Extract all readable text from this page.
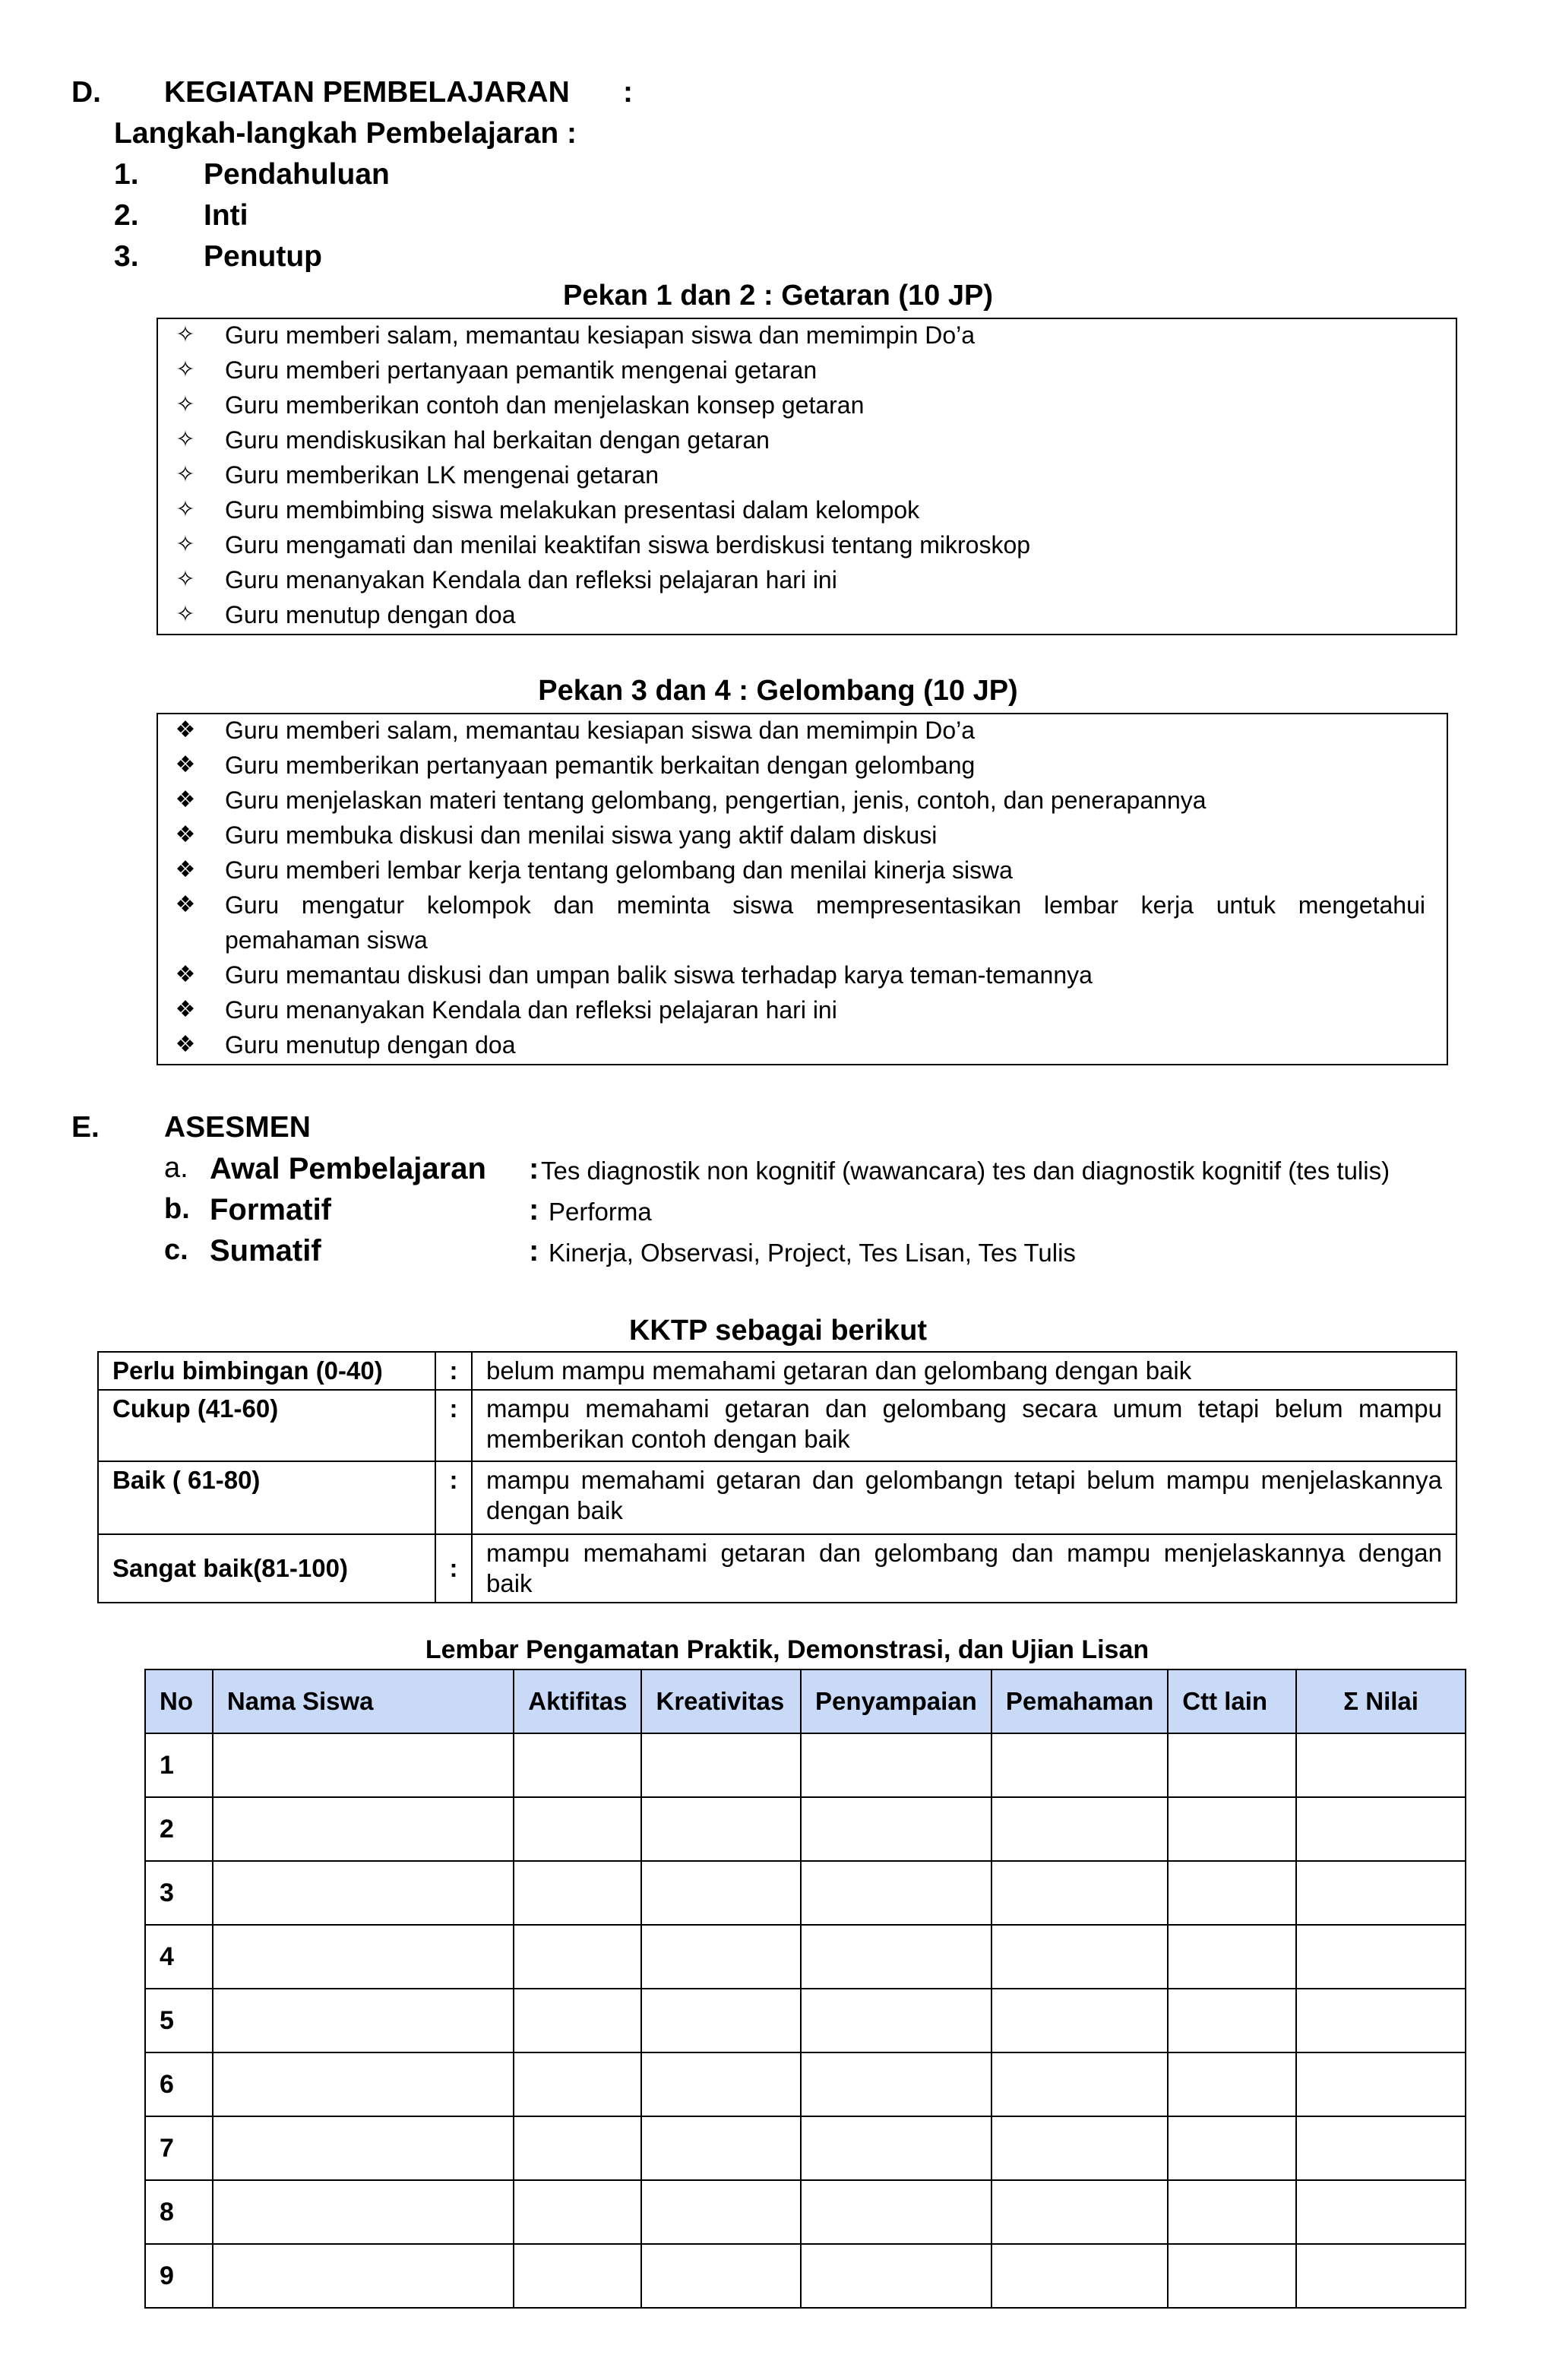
D. KEGIATAN PEMBELAJARAN :
Langkah-langkah Pembelajaran :
1. Pendahuluan
2. Inti
3. Penutup
Pekan 1 dan 2 : Getaran (10 JP)
✧ Guru memberi salam, memantau kesiapan siswa dan memimpin Do’a
✧ Guru memberi pertanyaan pemantik mengenai getaran
✧ Guru memberikan contoh dan menjelaskan konsep getaran
✧ Guru mendiskusikan hal berkaitan dengan getaran
✧ Guru memberikan LK mengenai getaran
✧ Guru membimbing siswa melakukan presentasi dalam kelompok
✧ Guru mengamati dan menilai keaktifan siswa berdiskusi tentang mikroskop
✧ Guru menanyakan Kendala dan refleksi pelajaran hari ini
✧ Guru menutup dengan doa
Pekan 3 dan 4 : Gelombang (10 JP)
❖ Guru memberi salam, memantau kesiapan siswa dan memimpin Do’a
❖ Guru memberikan pertanyaan pemantik berkaitan dengan gelombang
❖ Guru menjelaskan materi tentang gelombang, pengertian, jenis, contoh, dan penerapannya
❖ Guru membuka diskusi dan menilai siswa yang aktif dalam diskusi
❖ Guru memberi lembar kerja tentang gelombang dan menilai kinerja siswa
❖ Guru mengatur kelompok dan meminta siswa mempresentasikan lembar kerja untuk mengetahui
pemahaman siswa
❖ Guru memantau diskusi dan umpan balik siswa terhadap karya teman-temannya
❖ Guru menanyakan Kendala dan refleksi pelajaran hari ini
❖ Guru menutup dengan doa
E. ASESMEN
a. Awal Pembelajaran : Tes diagnostik non kognitif (wawancara) tes dan diagnostik kognitif (tes tulis)
b. Formatif	: Performa
c. Sumatif	: Kinerja, Observasi, Project, Tes Lisan, Tes Tulis
KKTP sebagai berikut
Perlu bimbingan (0-40)	:	belum mampu memahami getaran dan gelombang dengan baik
Cukup (41-60)	:	mampu memahami getaran dan gelombang secara umum tetapi belum mampu memberikan contoh dengan baik
Baik ( 61-80)	:	mampu memahami getaran dan gelombangn tetapi belum mampu menjelaskannya dengan baik
Sangat baik(81-100)	:	mampu memahami getaran dan gelombang dan mampu menjelaskannya dengan baik
Lembar Pengamatan Praktik, Demonstrasi, dan Ujian Lisan
No	Nama Siswa	Aktifitas	Kreativitas	Penyampaian	Pemahaman	Ctt lain	Σ Nilai
1							
2							
3							
4							
5							
6							
7							
8							
9							
